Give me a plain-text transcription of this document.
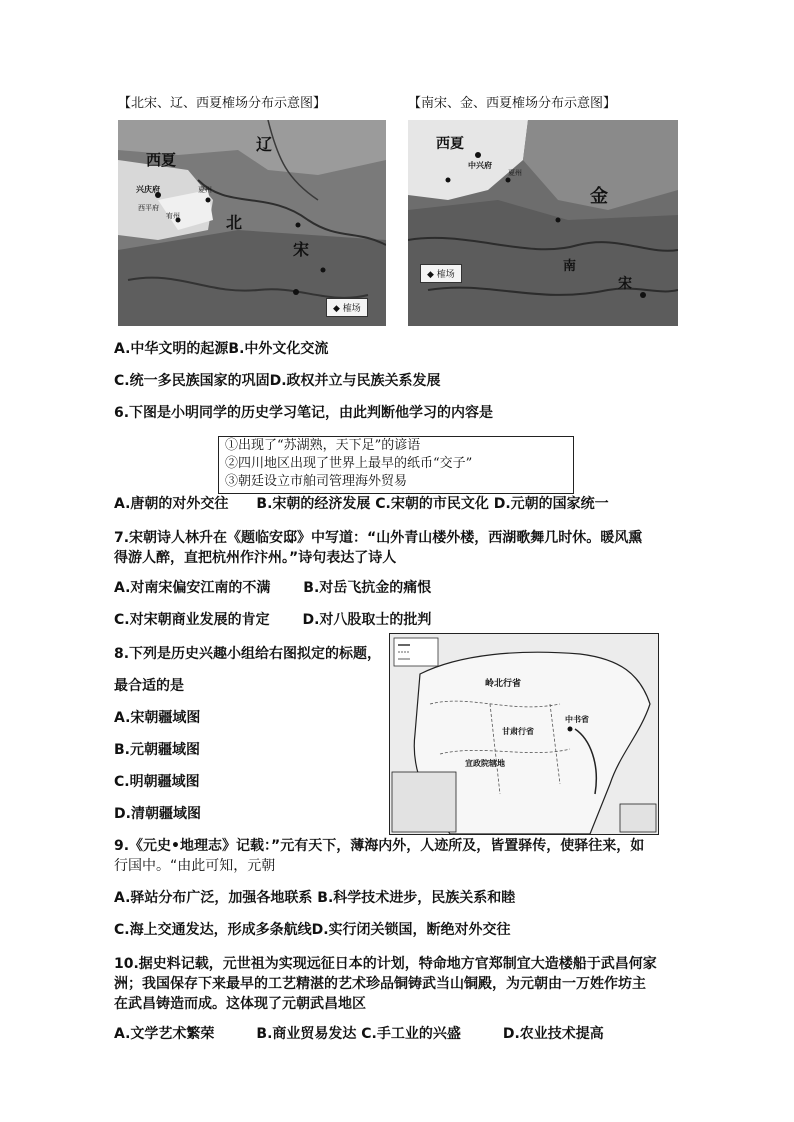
【北宋、辽、西夏榷场分布示意图】
西夏
辽
北
宋
兴庆府
西平府
夏州
宥州
◆ 榷场
【南宋、金、西夏榷场分布示意图】
西夏
中兴府
夏州
金
南
宋
◆ 榷场
A.中华文明的起源B.中外文化交流
C.统一多民族国家的巩固D.政权并立与民族关系发展
6.下图是小明同学的历史学习笔记，由此判断他学习的内容是
①出现了“苏湖熟，天下足”的谚语
②四川地区出现了世界上最早的纸币“交子”
③朝廷设立市舶司管理海外贸易
A.唐朝的对外交往　　B.宋朝的经济发展 C.宋朝的市民文化 D.元朝的国家统一
7.宋朝诗人林升在《题临安邸》中写道：“山外青山楼外楼，西湖歌舞几时休。暖风熏
得游人醉，直把杭州作汴州。”诗句表达了诗人
A.对南宋偏安江南的不满　　 B.对岳飞抗金的痛恨
C.对宋朝商业发展的肯定　　 D.对八股取士的批判
8.下列是历史兴趣小组给右图拟定的标题，
最合适的是
A.宋朝疆域图
B.元朝疆域图
C.明朝疆域图
D.清朝疆域图
岭北行省
中书省
甘肃行省
宣政院辖地
9.《元史•地理志》记载：”元有天下，薄海内外，人迹所及，皆置驿传，使驿往来，如
行国中。“由此可知，元朝
A.驿站分布广泛，加强各地联系 B.科学技术进步，民族关系和睦
C.海上交通发达，形成多条航线D.实行闭关锁国，断绝对外交往
10.据史料记载，元世祖为实现远征日本的计划，特命地方官郑制宜大造楼船于武昌何家
洲；我国保存下来最早的工艺精湛的艺术珍品铜铸武当山铜殿，为元朝由一万姓作坊主
在武昌铸造而成。这体现了元朝武昌地区
A.文学艺术繁荣　　　B.商业贸易发达 C.手工业的兴盛　　　D.农业技术提高
